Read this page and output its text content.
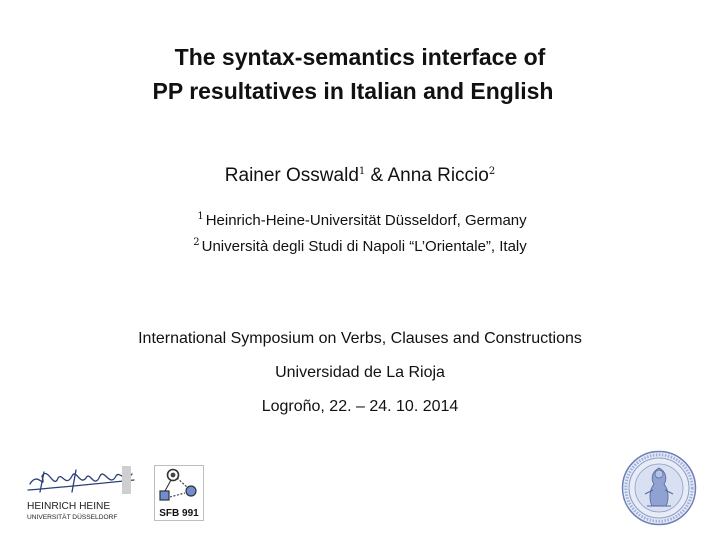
The syntax-semantics interface of
PP resultatives in Italian and English
Rainer Osswald$^1$ & Anna Riccio$^2$
$^1$ Heinrich-Heine-Universität Düsseldorf, Germany
$^2$ Università degli Studi di Napoli “L’Orientale”, Italy
International Symposium on Verbs, Clauses and Constructions
Universidad de La Rioja
Logroño, 22. – 24. 10. 2014
HEINRICH HEINE
UNIVERSITÄT DÜSSELDORF	SFB 991
